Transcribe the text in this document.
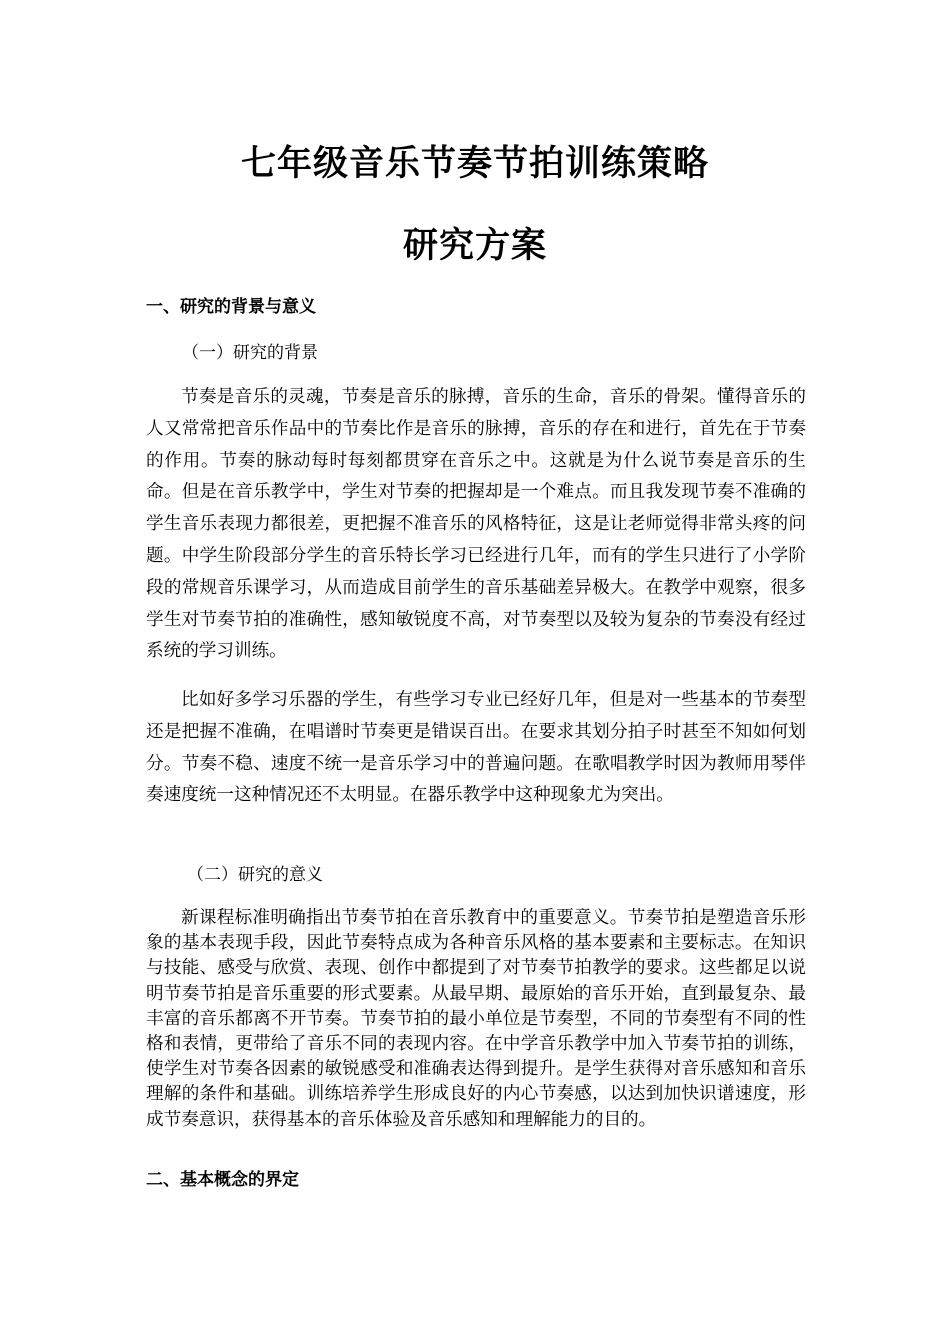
七年级音乐节奏节拍训练策略
研究方案
一、研究的背景与意义
（一）研究的背景

节奏是音乐的灵魂，节奏是音乐的脉搏，音乐的生命，音乐的骨架。懂得音乐的人又常常把音乐作品中的节奏比作是音乐的脉搏，音乐的存在和进行，首先在于节奏的作用。节奏的脉动每时每刻都贯穿在音乐之中。这就是为什么说节奏是音乐的生命。但是在音乐教学中，学生对节奏的把握却是一个难点。而且我发现节奏不准确的学生音乐表现力都很差，更把握不准音乐的风格特征，这是让老师觉得非常头疼的问题。中学生阶段部分学生的音乐特长学习已经进行几年，而有的学生只进行了小学阶段的常规音乐课学习，从而造成目前学生的音乐基础差异极大。在教学中观察，很多学生对节奏节拍的准确性，感知敏锐度不高，对节奏型以及较为复杂的节奏没有经过系统的学习训练。

比如好多学习乐器的学生，有些学习专业已经好几年，但是对一些基本的节奏型还是把握不准确，在唱谱时节奏更是错误百出。在要求其划分拍子时甚至不知如何划分。节奏不稳、速度不统一是音乐学习中的普遍问题。在歌唱教学时因为教师用琴伴奏速度统一这种情况还不太明显。在器乐教学中这种现象尤为突出。

（二）研究的意义

新课程标准明确指出节奏节拍在音乐教育中的重要意义。节奏节拍是塑造音乐形象的基本表现手段，因此节奏特点成为各种音乐风格的基本要素和主要标志。在知识与技能、感受与欣赏、表现、创作中都提到了对节奏节拍教学的要求。这些都足以说明节奏节拍是音乐重要的形式要素。从最早期、最原始的音乐开始，直到最复杂、最丰富的音乐都离不开节奏。节奏节拍的最小单位是节奏型，不同的节奏型有不同的性格和表情，更带给了音乐不同的表现内容。在中学音乐教学中加入节奏节拍的训练，使学生对节奏各因素的敏锐感受和准确表达得到提升。是学生获得对音乐感知和音乐理解的条件和基础。训练培养学生形成良好的内心节奏感，以达到加快识谱速度，形成节奏意识，获得基本的音乐体验及音乐感知和理解能力的目的。

二、基本概念的界定
